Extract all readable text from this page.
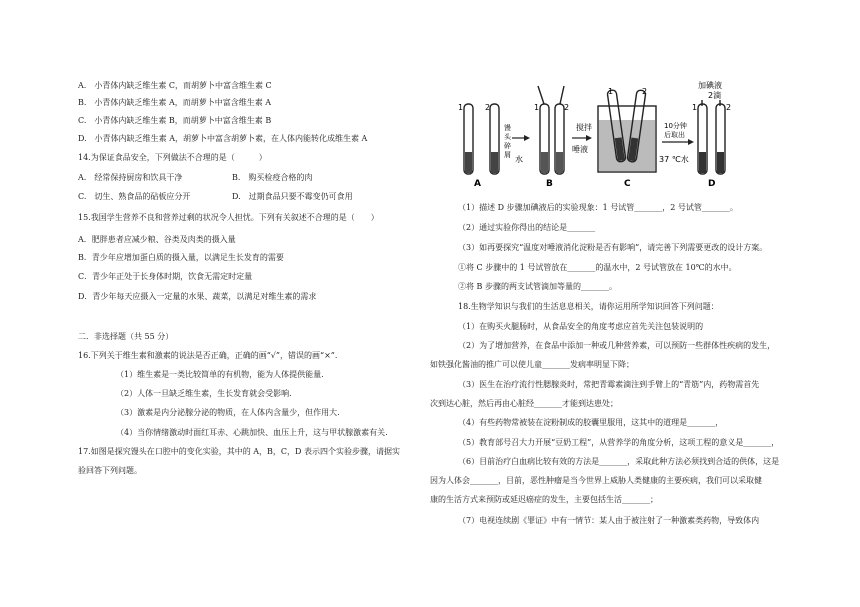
A.　小青体内缺乏维生素 C，而胡萝卜中富含维生素 C
B.　小青体内缺乏维生素 A，而胡萝卜中富含维生素 A
C.　小青体内缺乏维生素 B，而胡萝卜中富含维生素 B
D.　小青体内缺乏维生素 A，胡萝卜中富含胡萝卜素，在人体内能转化成维生素 A
14.为保证食品安全，下列做法不合理的是（　　　）
A.　经常保持厨房和饮具干净	B.　购买检疫合格的肉
C.　切生、熟食品的砧板应分开	D.　过期食品只要不霉变仍可食用
15.我国学生营养不良和营养过剩的状况令人担忧。下列有关叙述不合理的是（　　）
A．肥胖患者应减少粮、谷类及肉类的摄入量
B．青少年应增加蛋白质的摄入量，以满足生长发育的需要
C．青少年正处于长身体时期，饮食无需定时定量
D．青少年每天应摄入一定量的水果、蔬菜，以满足对维生素的需求
二．非选择题（共 55 分）
16.下列关于维生素和激素的说法是否正确，正确的画“√”，错误的画“×”.
（1）维生素是一类比较简单的有机物，能为人体提供能量.
（2）人体一旦缺乏维生素，生长发育就会受影响.
（3）激素是内分泌腺分泌的物质，在人体内含量少，但作用大.
（4）当你情绪激动时面红耳赤、心跳加快、血压上升，这与甲状腺激素有关.
17.如图是探究馒头在口腔中的变化实验，其中的 A，B，C，D 表示四个实验步骤，请据实
验回答下列问题。
1	2
A
馒头碎屑 水
1	2
B
搅拌
唾液
1	2
C
37 ℃水
10分钟后取出
加碘液 2滴
1	2
D
（1）描述 D 步骤加碘液后的实验现象：1 号试管_______，2 号试管_______。
（2）通过实验你得出的结论是_______
（3）如再要探究“温度对唾液消化淀粉是否有影响”，请完善下列需要更改的设计方案。
①将 C 步骤中的 1 号试管放在_______的温水中，2 号试管放在 10℃的水中。
②将 B 步骤的两支试管滴加等量的_______。
18.生物学知识与我们的生活息息相关，请你运用所学知识回答下列问题：
（1）在购买火腿肠时，从食品安全的角度考虑应首先关注包装说明的
（2）为了增加营养，在食品中添加一种或几种营养素，可以预防一些群体性疾病的发生，
如铁强化酱油的推广可以使儿童_______发病率明显下降；
（3）医生在治疗流行性腮腺炎时，常把青霉素滴注到手臂上的“青筋”内，药物需首先
次到达心脏，然后再由心脏经_______才能到达患处；
（4）有些药物常被装在淀粉制成的胶囊里服用，这其中的道理是_______，
（5）教育部号召大力开展“豆奶工程”，从营养学的角度分析，这项工程的意义是_______，
（6）目前治疗白血病比较有效的方法是_______，采取此种方法必须找到合适的供体，这是
因为人体会_______，目前，恶性肿瘤是当今世界上威胁人类健康的主要疾病，我们可以采取健
康的生活方式来预防或延迟癌症的发生，主要包括生活_______；
（7）电视连续剧《罪证》中有一情节：某人由于被注射了一种激素类药物，导致体内
